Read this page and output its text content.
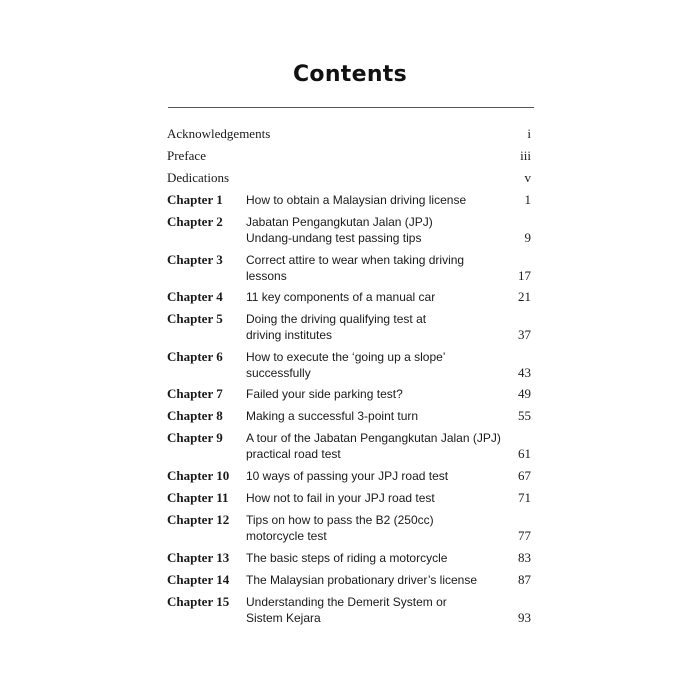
Contents
Acknowledgements	i
Preface	iii
Dedications	v
Chapter 1 How to obtain a Malaysian driving license	1
Chapter 2 Jabatan Pengangkutan Jalan (JPJ)
Undang-undang test passing tips	9
Chapter 3 Correct attire to wear when taking driving
lessons	17
Chapter 4 11 key components of a manual car	21
Chapter 5 Doing the driving qualifying test at
driving institutes	37
Chapter 6 How to execute the ‘going up a slope’
successfully	43
Chapter 7 Failed your side parking test?	49
Chapter 8 Making a successful 3-point turn	55
Chapter 9 A tour of the Jabatan Pengangkutan Jalan (JPJ)
practical road test	61
Chapter 10 10 ways of passing your JPJ road test	67
Chapter 11 How not to fail in your JPJ road test	71
Chapter 12 Tips on how to pass the B2 (250cc)
motorcycle test	77
Chapter 13 The basic steps of riding a motorcycle	83
Chapter 14 The Malaysian probationary driver’s license	87
Chapter 15 Understanding the Demerit System or
Sistem Kejara	93
